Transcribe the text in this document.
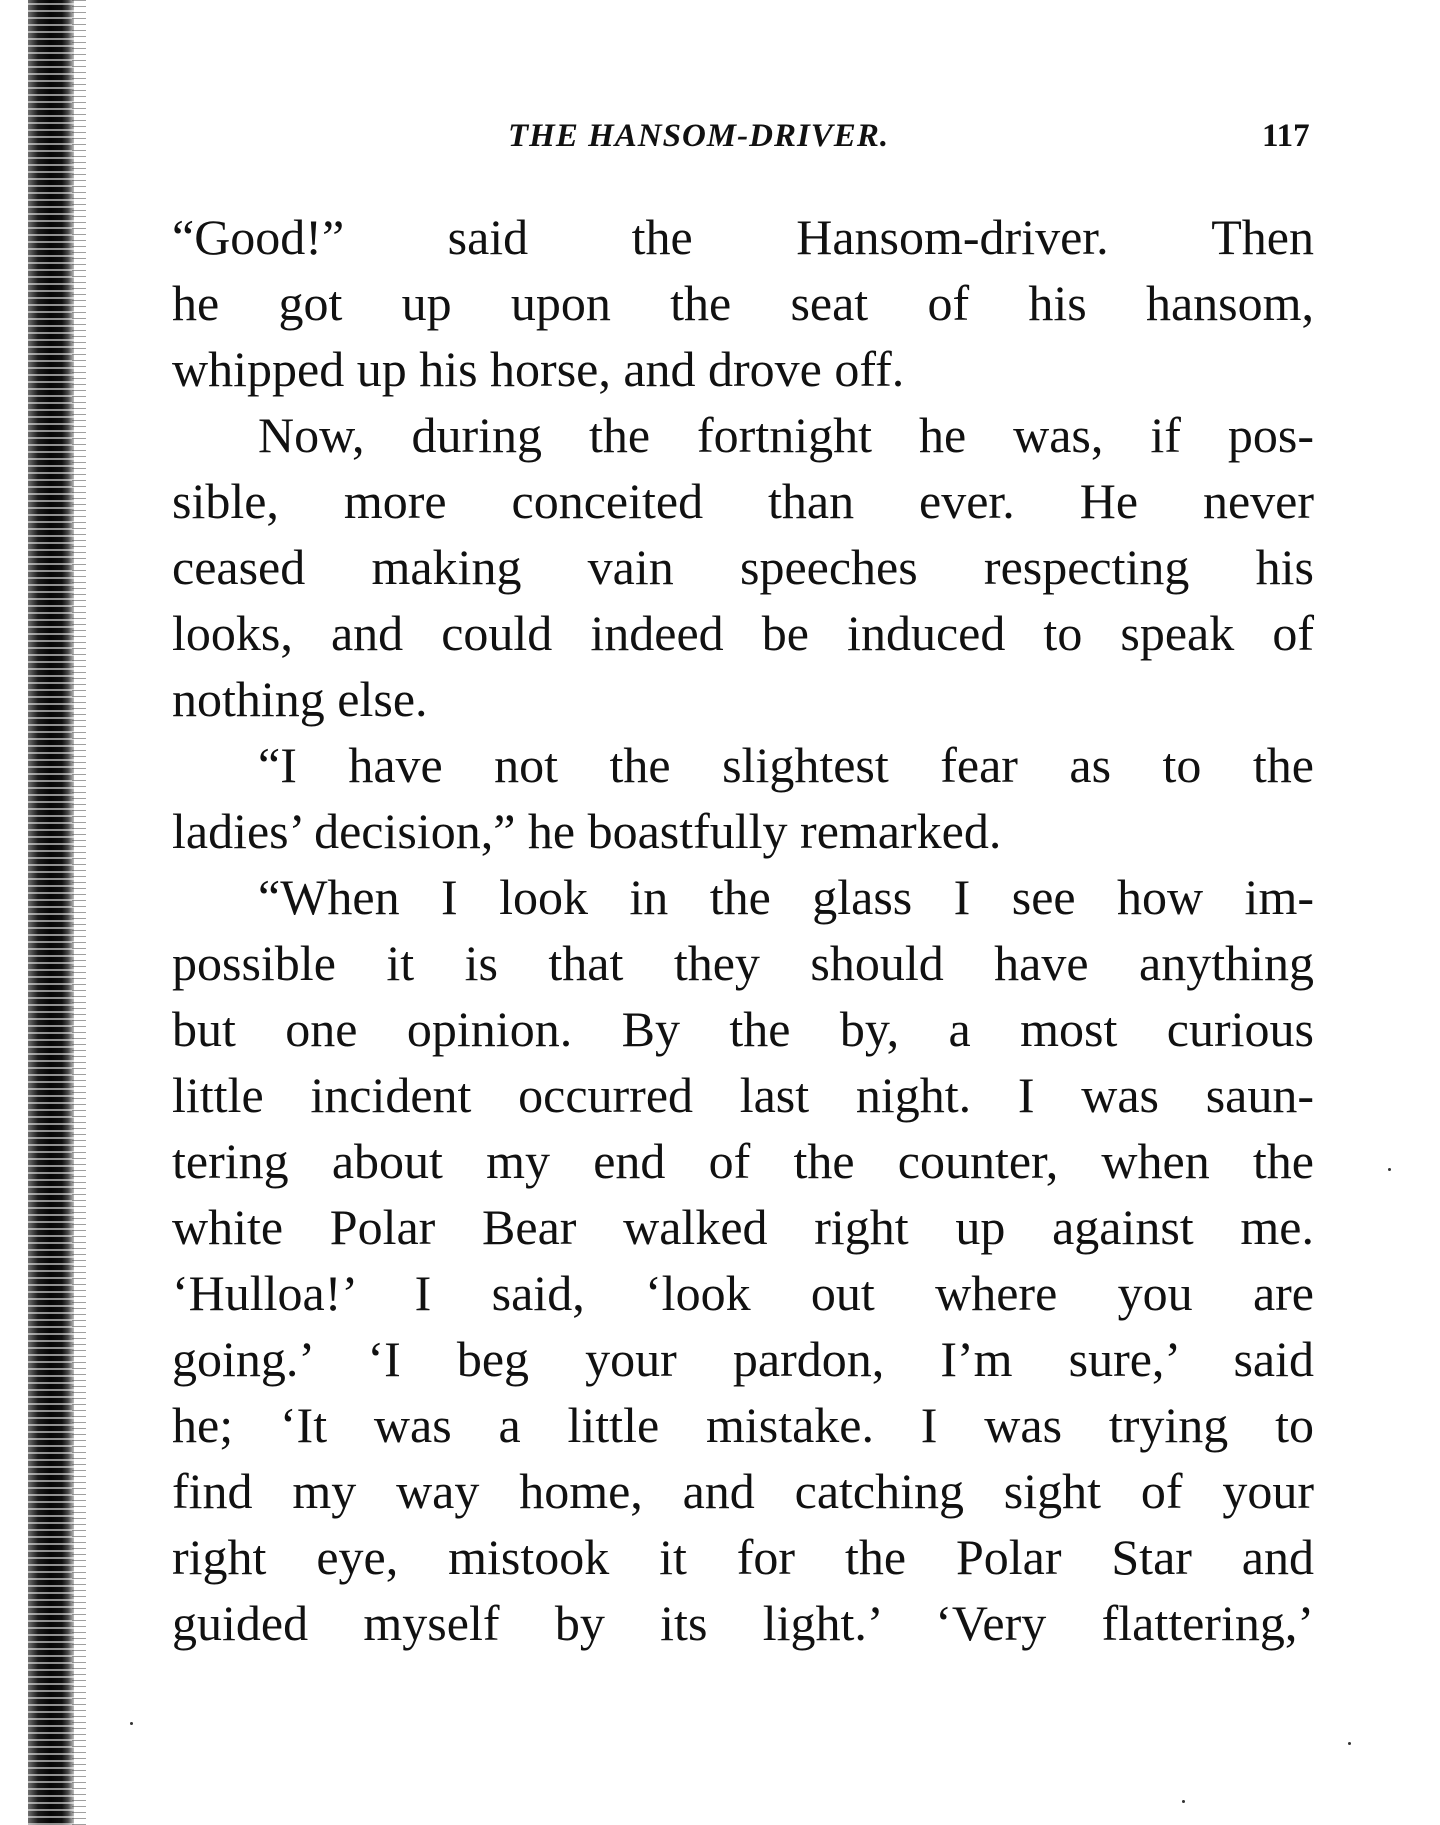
THE HANSOM-DRIVER.	117
“Good!” said the Hansom-driver. Then
he got up upon the seat of his hansom,
whipped up his horse, and drove off.
Now, during the fortnight he was, if pos-
sible, more conceited than ever. He never
ceased making vain speeches respecting his
looks, and could indeed be induced to speak of
nothing else.
“I have not the slightest fear as to the
ladies’ decision,” he boastfully remarked.
“When I look in the glass I see how im-
possible it is that they should have anything
but one opinion. By the by, a most curious
little incident occurred last night. I was saun-
tering about my end of the counter, when the
white Polar Bear walked right up against me.
‘Hulloa!’ I said, ‘look out where you are
going.’ ‘I beg your pardon, I’m sure,’ said
he; ‘It was a little mistake. I was trying to
find my way home, and catching sight of your
right eye, mistook it for the Polar Star and
guided myself by its light.’ ‘Very flattering,’
